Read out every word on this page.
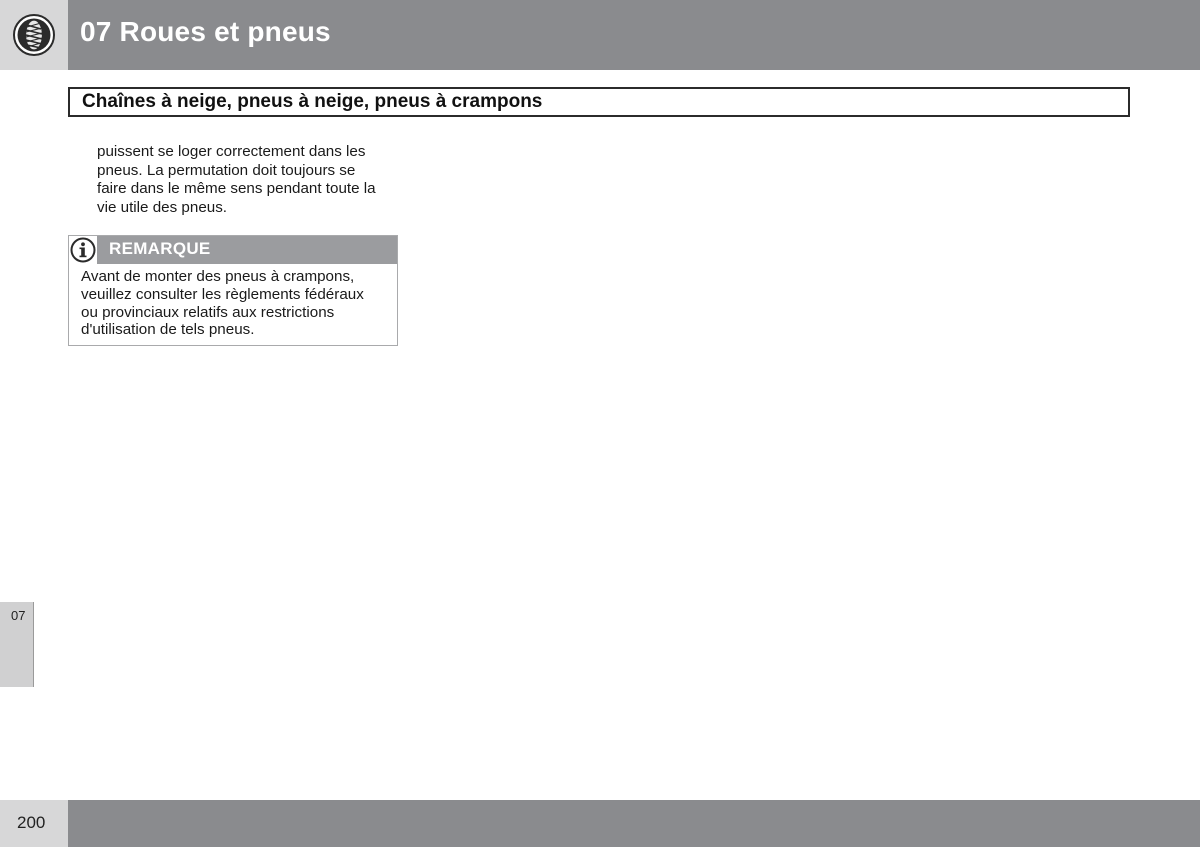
07 Roues et pneus
Chaînes à neige, pneus à neige, pneus à crampons
puissent se loger correctement dans les
pneus. La permutation doit toujours se
faire dans le même sens pendant toute la
vie utile des pneus.
REMARQUE
Avant de monter des pneus à crampons,
veuillez consulter les règlements fédéraux
ou provinciaux relatifs aux restrictions
d'utilisation de tels pneus.
07
200
